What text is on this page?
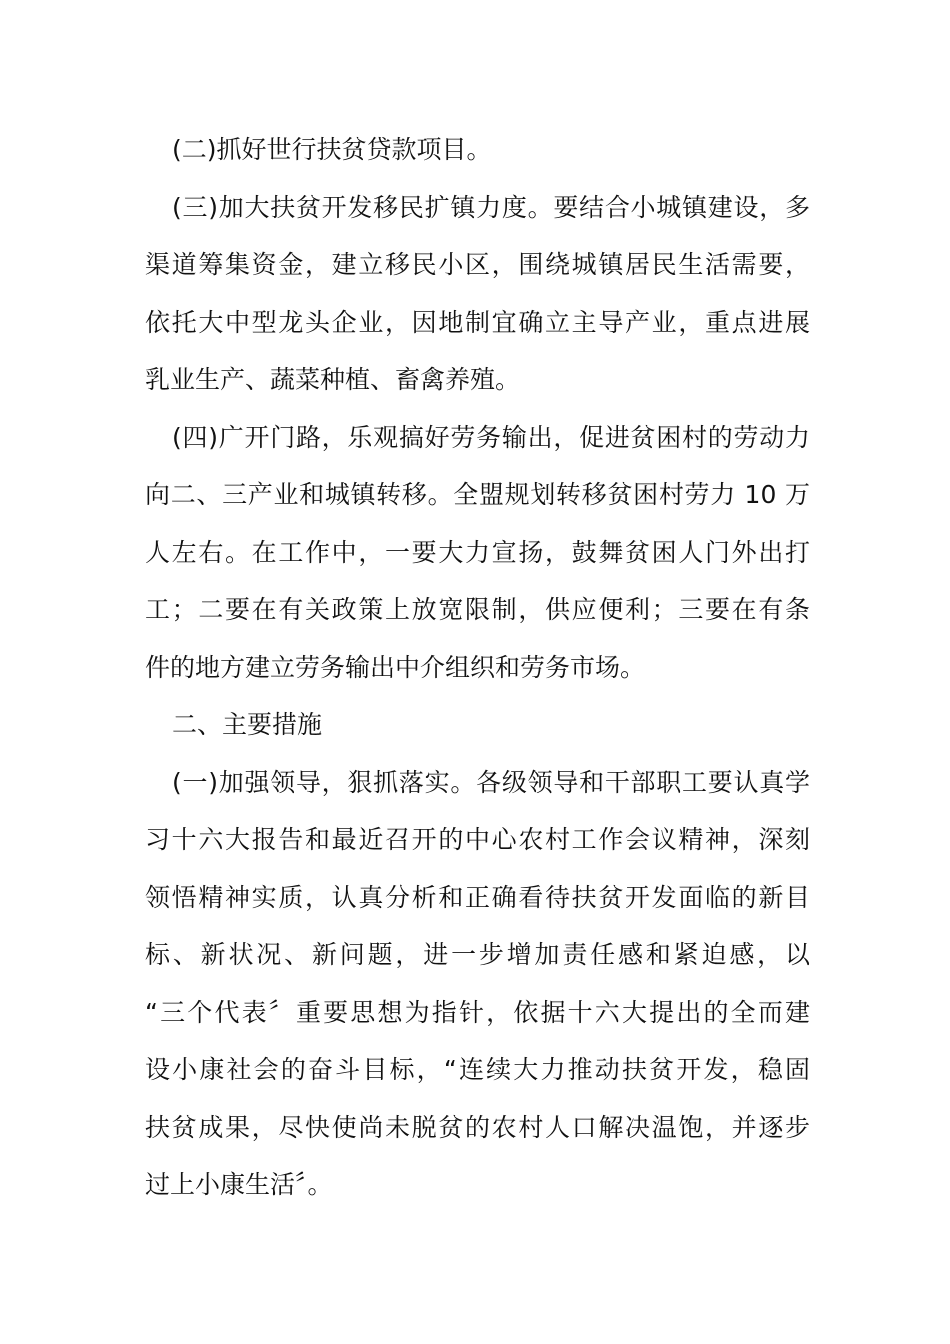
(二)抓好世行扶贫贷款项目。

(三)加大扶贫开发移民扩镇力度。要结合小城镇建设，多

渠道筹集资金，建立移民小区，围绕城镇居民生活需要，

依托大中型龙头企业，因地制宜确立主导产业，重点进展

乳业生产、蔬菜种植、畜禽养殖。

(四)广开门路，乐观搞好劳务输出，促进贫困村的劳动力

向二、三产业和城镇转移。全盟规划转移贫困村劳力 10 万

人左右。在工作中，一要大力宣扬，鼓舞贫困人门外出打

工；二要在有关政策上放宽限制，供应便利；三要在有条

件的地方建立劳务输出中介组织和劳务市场。

二、主要措施

(一)加强领导，狠抓落实。各级领导和干部职工要认真学

习十六大报告和最近召开的中心农村工作会议精神，深刻

领悟精神实质，认真分析和正确看待扶贫开发面临的新目

标、新状况、新问题，进一步增加责任感和紧迫感，以

“三个代表〞重要思想为指针，依据十六大提出的全而建

设小康社会的奋斗目标，“连续大力推动扶贫开发，稳固

扶贫成果，尽快使尚未脱贫的农村人口解决温饱，并逐步

过上小康生活〞。
